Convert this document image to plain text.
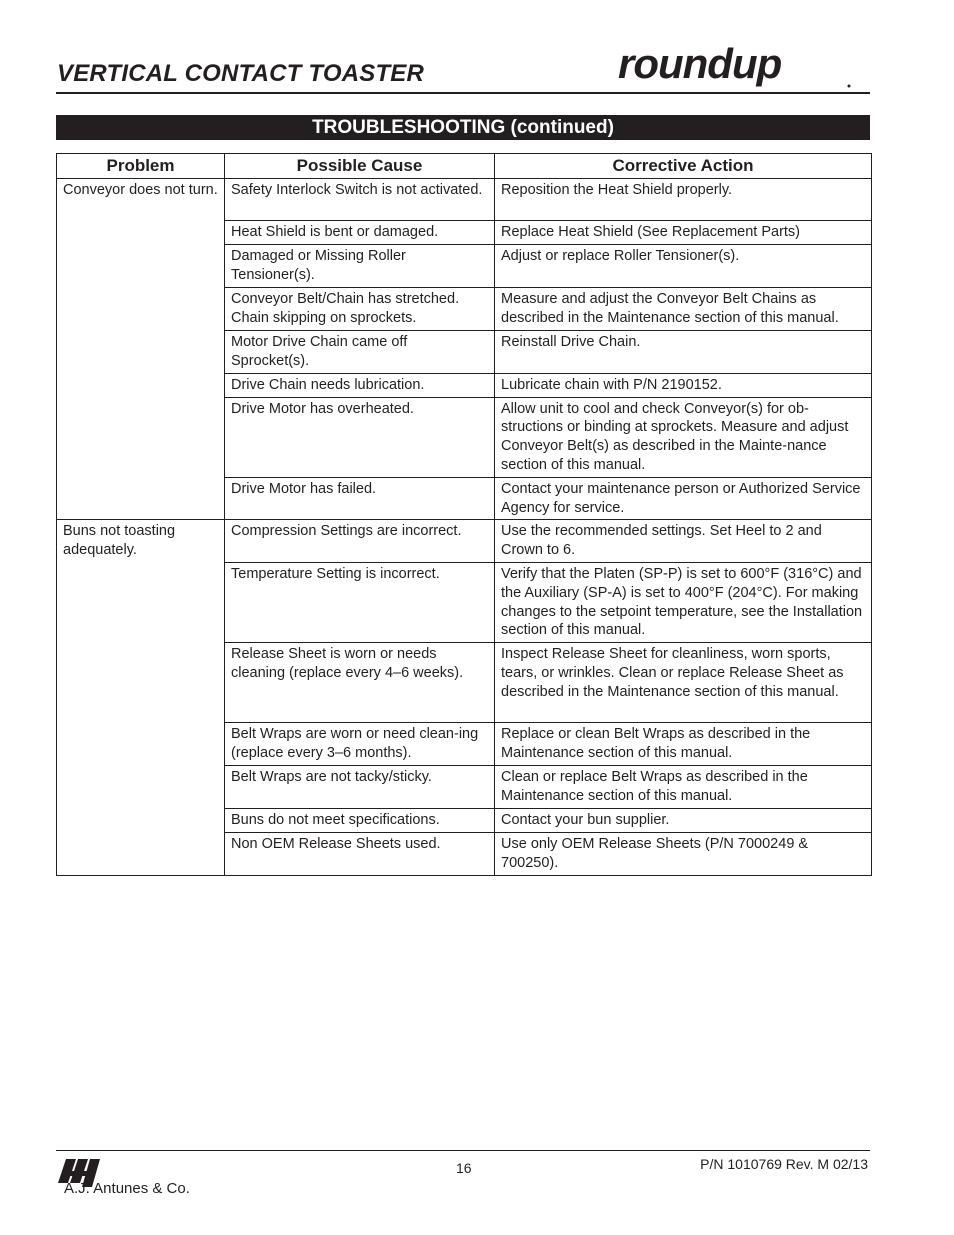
VERTICAL CONTACT TOASTER	roundup
TROUBLESHOOTING (continued)
Problem	Possible Cause	Corrective Action
Conveyor does not turn.	Safety Interlock Switch is not activated.	Reposition the Heat Shield properly.
	Heat Shield is bent or damaged.	Replace Heat Shield (See Replacement Parts)
	Damaged or Missing Roller Tensioner(s).	Adjust or replace Roller Tensioner(s).
	Conveyor Belt/Chain has stretched. Chain skipping on sprockets.	Measure and adjust the Conveyor Belt Chains as described in the Maintenance section of this manual.
	Motor Drive Chain came off Sprocket(s).	Reinstall Drive Chain.
	Drive Chain needs lubrication.	Lubricate chain with P/N 2190152.
	Drive Motor has overheated.	Allow unit to cool and check Conveyor(s) for ob-structions or binding at sprockets. Measure and adjust Conveyor Belt(s) as described in the Mainte-nance section of this manual.
	Drive Motor has failed.	Contact your maintenance person or Authorized Service Agency for service.
Buns not toasting adequately.	Compression Settings are incorrect.	Use the recommended settings. Set Heel to 2 and Crown to 6.
	Temperature Setting is incorrect.	Verify that the Platen (SP-P) is set to 600°F (316°C) and the Auxiliary (SP-A) is set to 400°F (204°C). For making changes to the setpoint temperature, see the Installation section of this manual.
	Release Sheet is worn or needs cleaning (replace every 4–6 weeks).	Inspect Release Sheet for cleanliness, worn sports, tears, or wrinkles. Clean or replace Release Sheet as described in the Maintenance section of this manual.
	Belt Wraps are worn or need clean-ing (replace every 3–6 months).	Replace or clean Belt Wraps as described in the Maintenance section of this manual.
	Belt Wraps are not tacky/sticky.	Clean or replace Belt Wraps as described in the Maintenance section of this manual.
	Buns do not meet specifications.	Contact your bun supplier.
	Non OEM Release Sheets used.	Use only OEM Release Sheets (P/N 7000249 & 700250).
A.J. Antunes & Co.
16	P/N 1010769 Rev. M 02/13
